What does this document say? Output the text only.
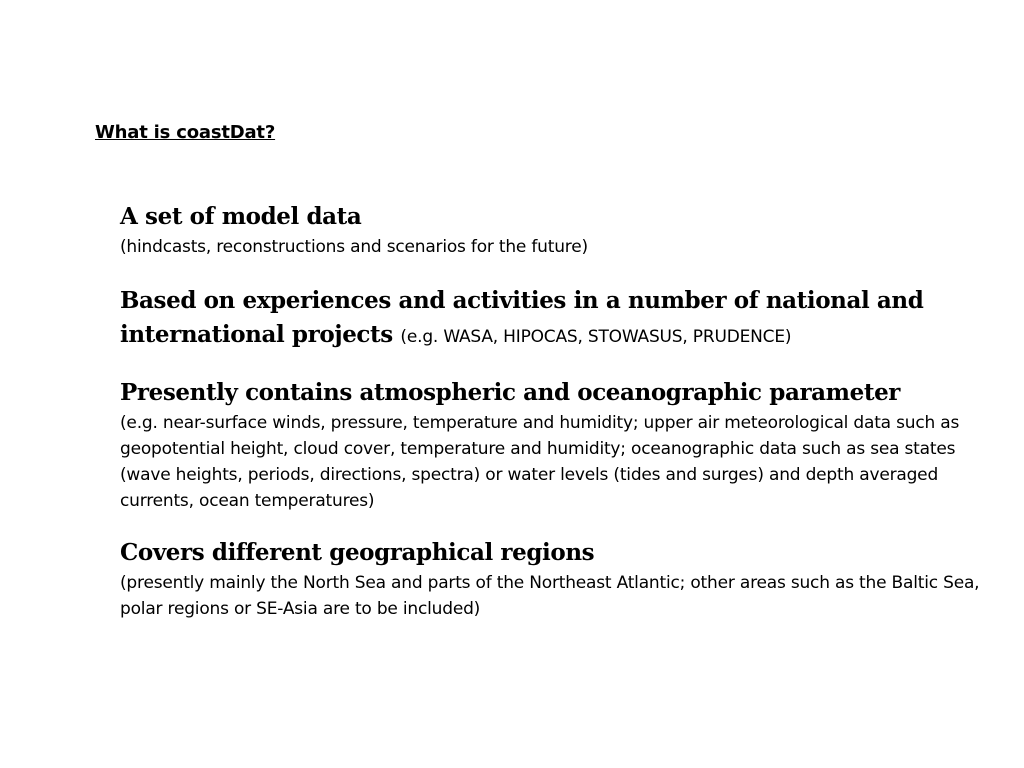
What is coastDat?
A set of model data
(hindcasts, reconstructions and scenarios for the future)
Based on experiences and activities in a number of national and international projects (e.g. WASA, HIPOCAS, STOWASUS, PRUDENCE)
Presently contains atmospheric and oceanographic parameter
(e.g. near-surface winds, pressure, temperature and humidity; upper air meteorological data such as geopotential height, cloud cover, temperature and humidity; oceanographic data such as sea states (wave heights, periods, directions, spectra) or water levels (tides and surges) and depth averaged currents, ocean temperatures)
Covers different geographical regions
(presently mainly the North Sea and parts of the Northeast Atlantic; other areas such as the Baltic Sea, polar regions or SE-Asia are to be included)
